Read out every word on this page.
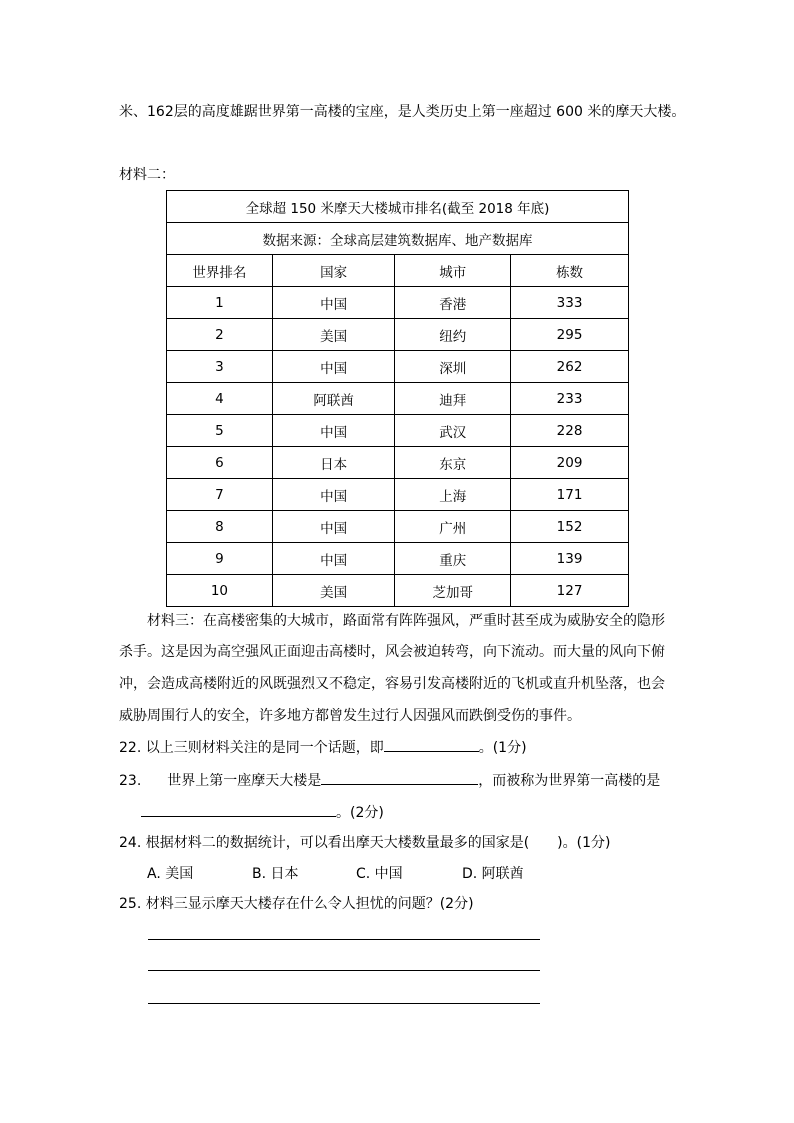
米、162层的高度雄踞世界第一高楼的宝座，是人类历史上第一座超过 600 米的摩天大楼。
材料二：
全球超 150 米摩天大楼城市排名(截至 2018 年底)			
数据来源：全球高层建筑数据库、地产数据库			
世界排名	国家	城市	栋数
1	中国	香港	333
2	美国	纽约	295
3	中国	深圳	262
4	阿联酋	迪拜	233
5	中国	武汉	228
6	日本	东京	209
7	中国	上海	171
8	中国	广州	152
9	中国	重庆	139
10	美国	芝加哥	127
材料三：在高楼密集的大城市，路面常有阵阵强风，严重时甚至成为威胁安全的隐形
杀手。这是因为高空强风正面迎击高楼时，风会被迫转弯，向下流动。而大量的风向下俯
冲，会造成高楼附近的风既强烈又不稳定，容易引发高楼附近的飞机或直升机坠落，也会
威胁周围行人的安全，许多地方都曾发生过行人因强风而跌倒受伤的事件。
22. 以上三则材料关注的是同一个话题，即	。(1分)
23. 世界上第一座摩天大楼是	，而被称为世界第一高楼的是
。(2分)
24. 根据材料二的数据统计，可以看出摩天大楼数量最多的国家是(　　)。(1分)
A. 美国	B. 日本	C. 中国	D. 阿联酋
25. 材料三显示摩天大楼存在什么令人担忧的问题？(2分)
